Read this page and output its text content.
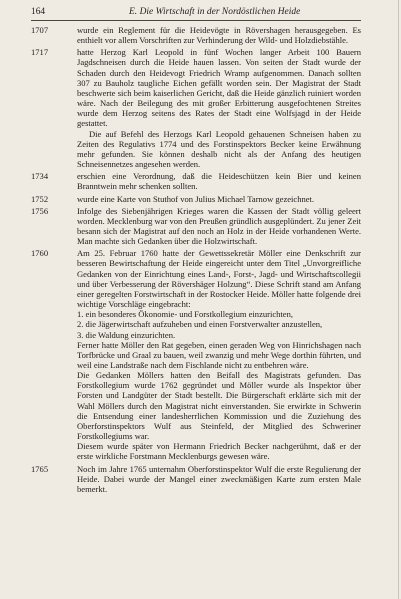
164	E. Die Wirtschaft in der Nordöstlichen Heide
1707	wurde ein Reglement für die Heidevögte in Rövershagen herausgegeben. Es enthielt vor allem Vorschriften zur Verhinderung der Wild- und Holzdiebstähle.

1717	hatte Herzog Karl Leopold in fünf Wochen langer Arbeit 100 Bauern Jagdschneisen durch die Heide hauen lassen. Von seiten der Stadt wurde der Schaden durch den Heidevogt Friedrich Wramp aufgenommen. Danach sollten 307 zu Bauholz taugliche Eichen gefällt worden sein. Der Magistrat der Stadt beschwerte sich beim kaiserlichen Gericht, daß die Heide gänzlich ruiniert worden wäre. Nach der Beilegung des mit großer Erbitterung ausgefochtenen Streites wurde dem Herzog seitens des Rates der Stadt eine Wolfsjagd in der Heide gestattet.

Die auf Befehl des Herzogs Karl Leopold gehauenen Schneisen haben zu Zeiten des Regulativs 1774 und des Forstinspektors Becker keine Erwähnung mehr gefunden. Sie können deshalb nicht als der Anfang des heutigen Schneisennetzes angesehen werden.

1734	erschien eine Verordnung, daß die Heideschützen kein Bier und keinen Branntwein mehr schenken sollten.

1752	wurde eine Karte von Stuthof von Julius Michael Tarnow gezeichnet.

1756	Infolge des Siebenjährigen Krieges waren die Kassen der Stadt völlig geleert worden. Mecklenburg war von den Preußen gründlich ausgeplündert. Zu jener Zeit besann sich der Magistrat auf den noch an Holz in der Heide vorhandenen Werte. Man machte sich Gedanken über die Holzwirtschaft.

1760	Am 25. Februar 1760 hatte der Gewettssekretär Möller eine Denkschrift zur besseren Bewirtschaftung der Heide eingereicht unter dem Titel „Unvorgreifliche Gedanken von der Einrichtung eines Land-, Forst-, Jagd- und Wirtschaftscollegii und über Verbesserung der Rövershäger Holzung“. Diese Schrift stand am Anfang einer geregelten Forstwirtschaft in der Rostocker Heide. Möller hatte folgende drei wichtige Vorschläge eingebracht:

1. ein besonderes Ökonomie- und Forstkollegium einzurichten,
2. die Jägerwirtschaft aufzuheben und einen Forstverwalter anzustellen,
3. die Waldung einzurichten.

Ferner hatte Möller den Rat gegeben, einen geraden Weg von Hinrichshagen nach Torfbrücke und Graal zu bauen, weil zwanzig und mehr Wege dorthin führten, und weil eine Landstraße nach dem Fischlande nicht zu entbehren wäre.

Die Gedanken Möllers hatten den Beifall des Magistrats gefunden. Das Forstkollegium wurde 1762 gegründet und Möller wurde als Inspektor über Forsten und Landgüter der Stadt bestellt. Die Bürgerschaft erklärte sich mit der Wahl Möllers durch den Magistrat nicht einverstanden. Sie erwirkte in Schwerin die Entsendung einer landesherrlichen Kommission und die Zuziehung des Oberforstinspektors Wulf aus Steinfeld, der Mitglied des Schweriner Forstkollegiums war.

Diesem wurde später von Hermann Friedrich Becker nachgerühmt, daß er der erste wirkliche Forstmann Mecklenburgs gewesen wäre.

1765	Noch im Jahre 1765 unternahm Oberforstinspektor Wulf die erste Regulierung der Heide. Dabei wurde der Mangel einer zweckmäßigen Karte zum ersten Male bemerkt.
